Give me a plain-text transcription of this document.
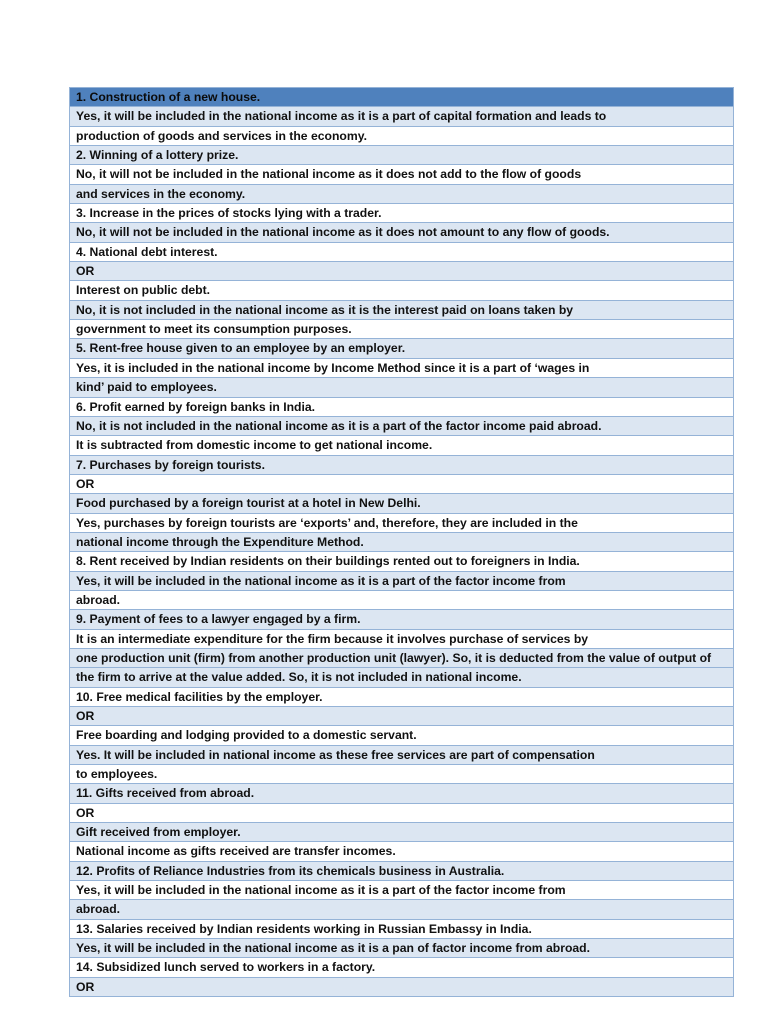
1. Construction of a new house.
Yes, it will be included in the national income as it is a part of capital formation and leads to
production of goods and services in the economy.
2. Winning of a lottery prize.
No, it will not be included in the national income as it does not add to the flow of goods
and services in the economy.
3. Increase in the prices of stocks lying with a trader.
No, it will not be included in the national income as it does not amount to any flow of goods.
4. National debt interest.
OR
Interest on public debt.
No, it is not included in the national income as it is the interest paid on loans taken by
government to meet its consumption purposes.
5. Rent-free house given to an employee by an employer.
Yes, it is included in the national income by Income Method since it is a part of ‘wages in
kind’ paid to employees.
6. Profit earned by foreign banks in India.
No, it is not included in the national income as it is a part of the factor income paid abroad.
It is subtracted from domestic income to get national income.
7. Purchases by foreign tourists.
OR
Food purchased by a foreign tourist at a hotel in New Delhi.
Yes, purchases by foreign tourists are ‘exports’ and, therefore, they are included in the
national income through the Expenditure Method.
8. Rent received by Indian residents on their buildings rented out to foreigners in India.
Yes, it will be included in the national income as it is a part of the factor income from
abroad.
9. Payment of fees to a lawyer engaged by a firm.
It is an intermediate expenditure for the firm because it involves purchase of services by
one production unit (firm) from another production unit (lawyer). So, it is deducted from the value of output of
the firm to arrive at the value added. So, it is not included in national income.
10. Free medical facilities by the employer.
OR
Free boarding and lodging provided to a domestic servant.
Yes. It will be included in national income as these free services are part of compensation
to employees.
11. Gifts received from abroad.
OR
Gift received from employer.
National income as gifts received are transfer incomes.
12. Profits of Reliance Industries from its chemicals business in Australia.
Yes, it will be included in the national income as it is a part of the factor income from
abroad.
13. Salaries received by Indian residents working in Russian Embassy in India.
Yes, it will be included in the national income as it is a pan of factor income from abroad.
14. Subsidized lunch served to workers in a factory.
OR
